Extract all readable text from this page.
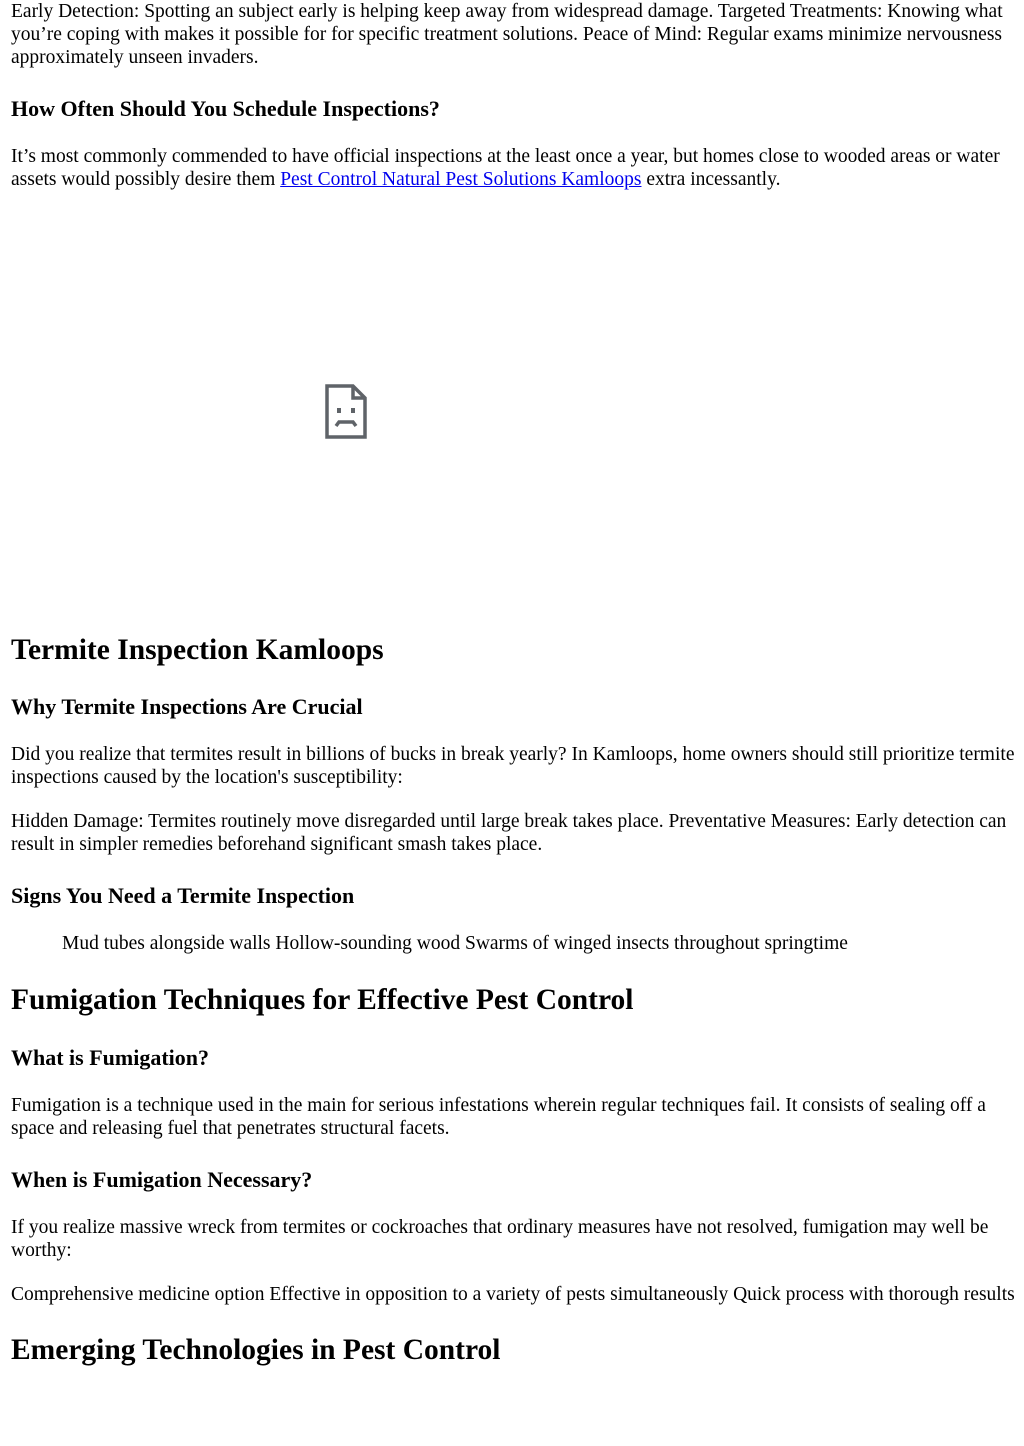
Early Detection: Spotting an subject early is helping keep away from widespread damage. Targeted Treatments: Knowing what you’re coping with makes it possible for for specific treatment solutions. Peace of Mind: Regular exams minimize nervousness approximately unseen invaders.

How Often Should You Schedule Inspections?

It’s most commonly commended to have official inspections at the least once a year, but homes close to wooded areas or water assets would possibly desire them Pest Control Natural Pest Solutions Kamloops extra incessantly.

Termite Inspection Kamloops
Why Termite Inspections Are Crucial

Did you realize that termites result in billions of bucks in break yearly? In Kamloops, home owners should still prioritize termite inspections caused by the location's susceptibility:

Hidden Damage: Termites routinely move disregarded until large break takes place. Preventative Measures: Early detection can result in simpler remedies beforehand significant smash takes place.

Signs You Need a Termite Inspection
Mud tubes alongside walls Hollow-sounding wood Swarms of winged insects throughout springtime
Fumigation Techniques for Effective Pest Control
What is Fumigation?

Fumigation is a technique used in the main for serious infestations wherein regular techniques fail. It consists of sealing off a space and releasing fuel that penetrates structural facets.

When is Fumigation Necessary?

If you realize massive wreck from termites or cockroaches that ordinary measures have not resolved, fumigation may well be worthy:

Comprehensive medicine option Effective in opposition to a variety of pests simultaneously Quick process with thorough results

Emerging Technologies in Pest Control
